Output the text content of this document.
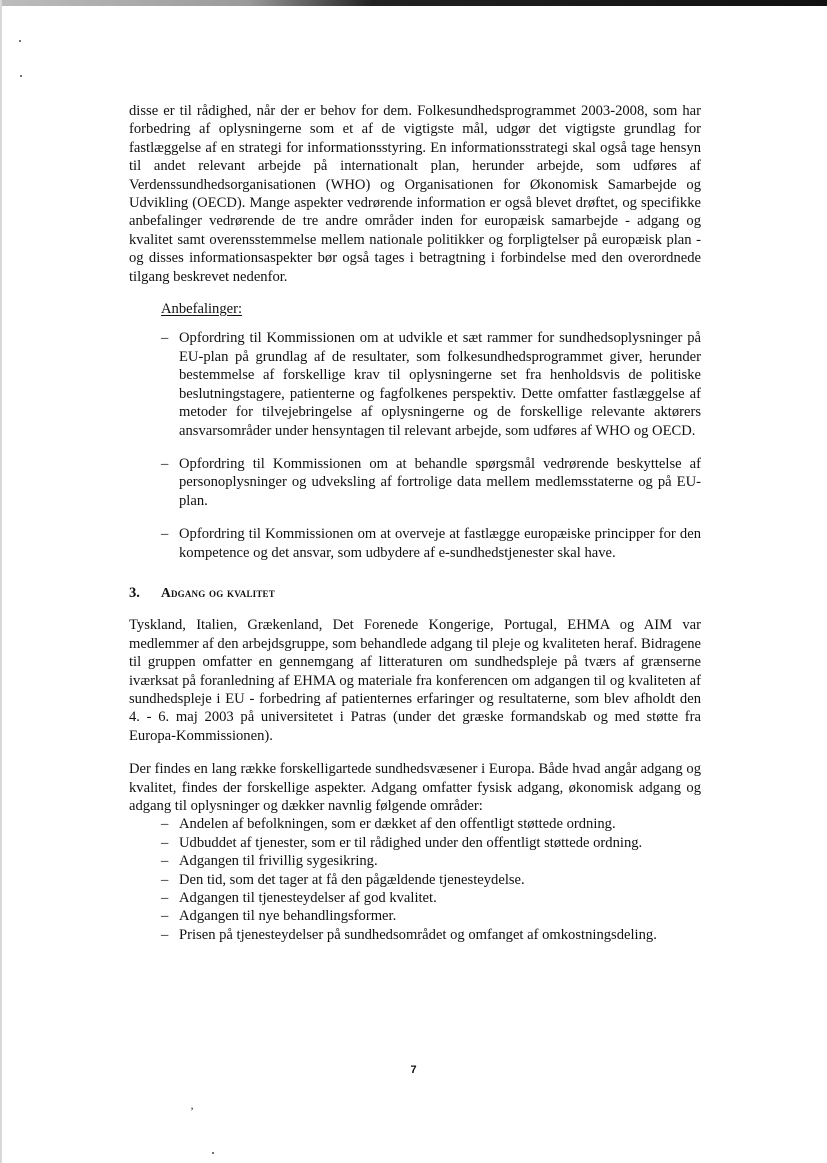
’

disse er til rådighed, når der er behov for dem. Folkesundhedsprogrammet 2003-2008, som har forbedring af oplysningerne som et af de vigtigste mål, udgør det vigtigste grundlag for fastlæggelse af en strategi for informationsstyring. En informationsstrategi skal også tage hensyn til andet relevant arbejde på internationalt plan, herunder arbejde, som udføres af Verdenssundhedsorganisationen (WHO) og Organisationen for Økonomisk Samarbejde og Udvikling (OECD). Mange aspekter vedrørende information er også blevet drøftet, og specifikke anbefalinger vedrørende de tre andre områder inden for europæisk samarbejde - adgang og kvalitet samt overensstemmelse mellem nationale politikker og forpligtelser på europæisk plan - og disses informationsaspekter bør også tages i betragtning i forbindelse med den overordnede tilgang beskrevet nedenfor.

Anbefalinger:
– Opfordring til Kommissionen om at udvikle et sæt rammer for sundhedsoplysninger på EU-plan på grundlag af de resultater, som folkesundhedsprogrammet giver, herunder bestemmelse af forskellige krav til oplysningerne set fra henholdsvis de politiske beslutningstagere, patienterne og fagfolkenes perspektiv. Dette omfatter fastlæggelse af metoder for tilvejebringelse af oplysningerne og de forskellige relevante aktørers ansvarsområder under hensyntagen til relevant arbejde, som udføres af WHO og OECD.
– Opfordring til Kommissionen om at behandle spørgsmål vedrørende beskyttelse af personoplysninger og udveksling af fortrolige data mellem medlemsstaterne og på EU-plan.
– Opfordring til Kommissionen om at overveje at fastlægge europæiske principper for den kompetence og det ansvar, som udbydere af e-sundhedstjenester skal have.
3.	Adgang og kvalitet

Tyskland, Italien, Grækenland, Det Forenede Kongerige, Portugal, EHMA og AIM var medlemmer af den arbejdsgruppe, som behandlede adgang til pleje og kvaliteten heraf. Bidragene til gruppen omfatter en gennemgang af litteraturen om sundhedspleje på tværs af grænserne iværksat på foranledning af EHMA og materiale fra konferencen om adgangen til og kvaliteten af sundhedspleje i EU - forbedring af patienternes erfaringer og resultaterne, som blev afholdt den 4. - 6. maj 2003 på universitetet i Patras (under det græske formandskab og med støtte fra Europa-Kommissionen).

Der findes en lang række forskelligartede sundhedsvæsener i Europa. Både hvad angår adgang og kvalitet, findes der forskellige aspekter. Adgang omfatter fysisk adgang, økonomisk adgang og adgang til oplysninger og dækker navnlig følgende områder:

– Andelen af befolkningen, som er dækket af den offentligt støttede ordning.
– Udbuddet af tjenester, som er til rådighed under den offentligt støttede ordning.
– Adgangen til frivillig sygesikring.
– Den tid, som det tager at få den pågældende tjenesteydelse.
– Adgangen til tjenesteydelser af god kvalitet.
– Adgangen til nye behandlingsformer.
– Prisen på tjenesteydelser på sundhedsområdet og omfanget af omkostningsdeling.
7
